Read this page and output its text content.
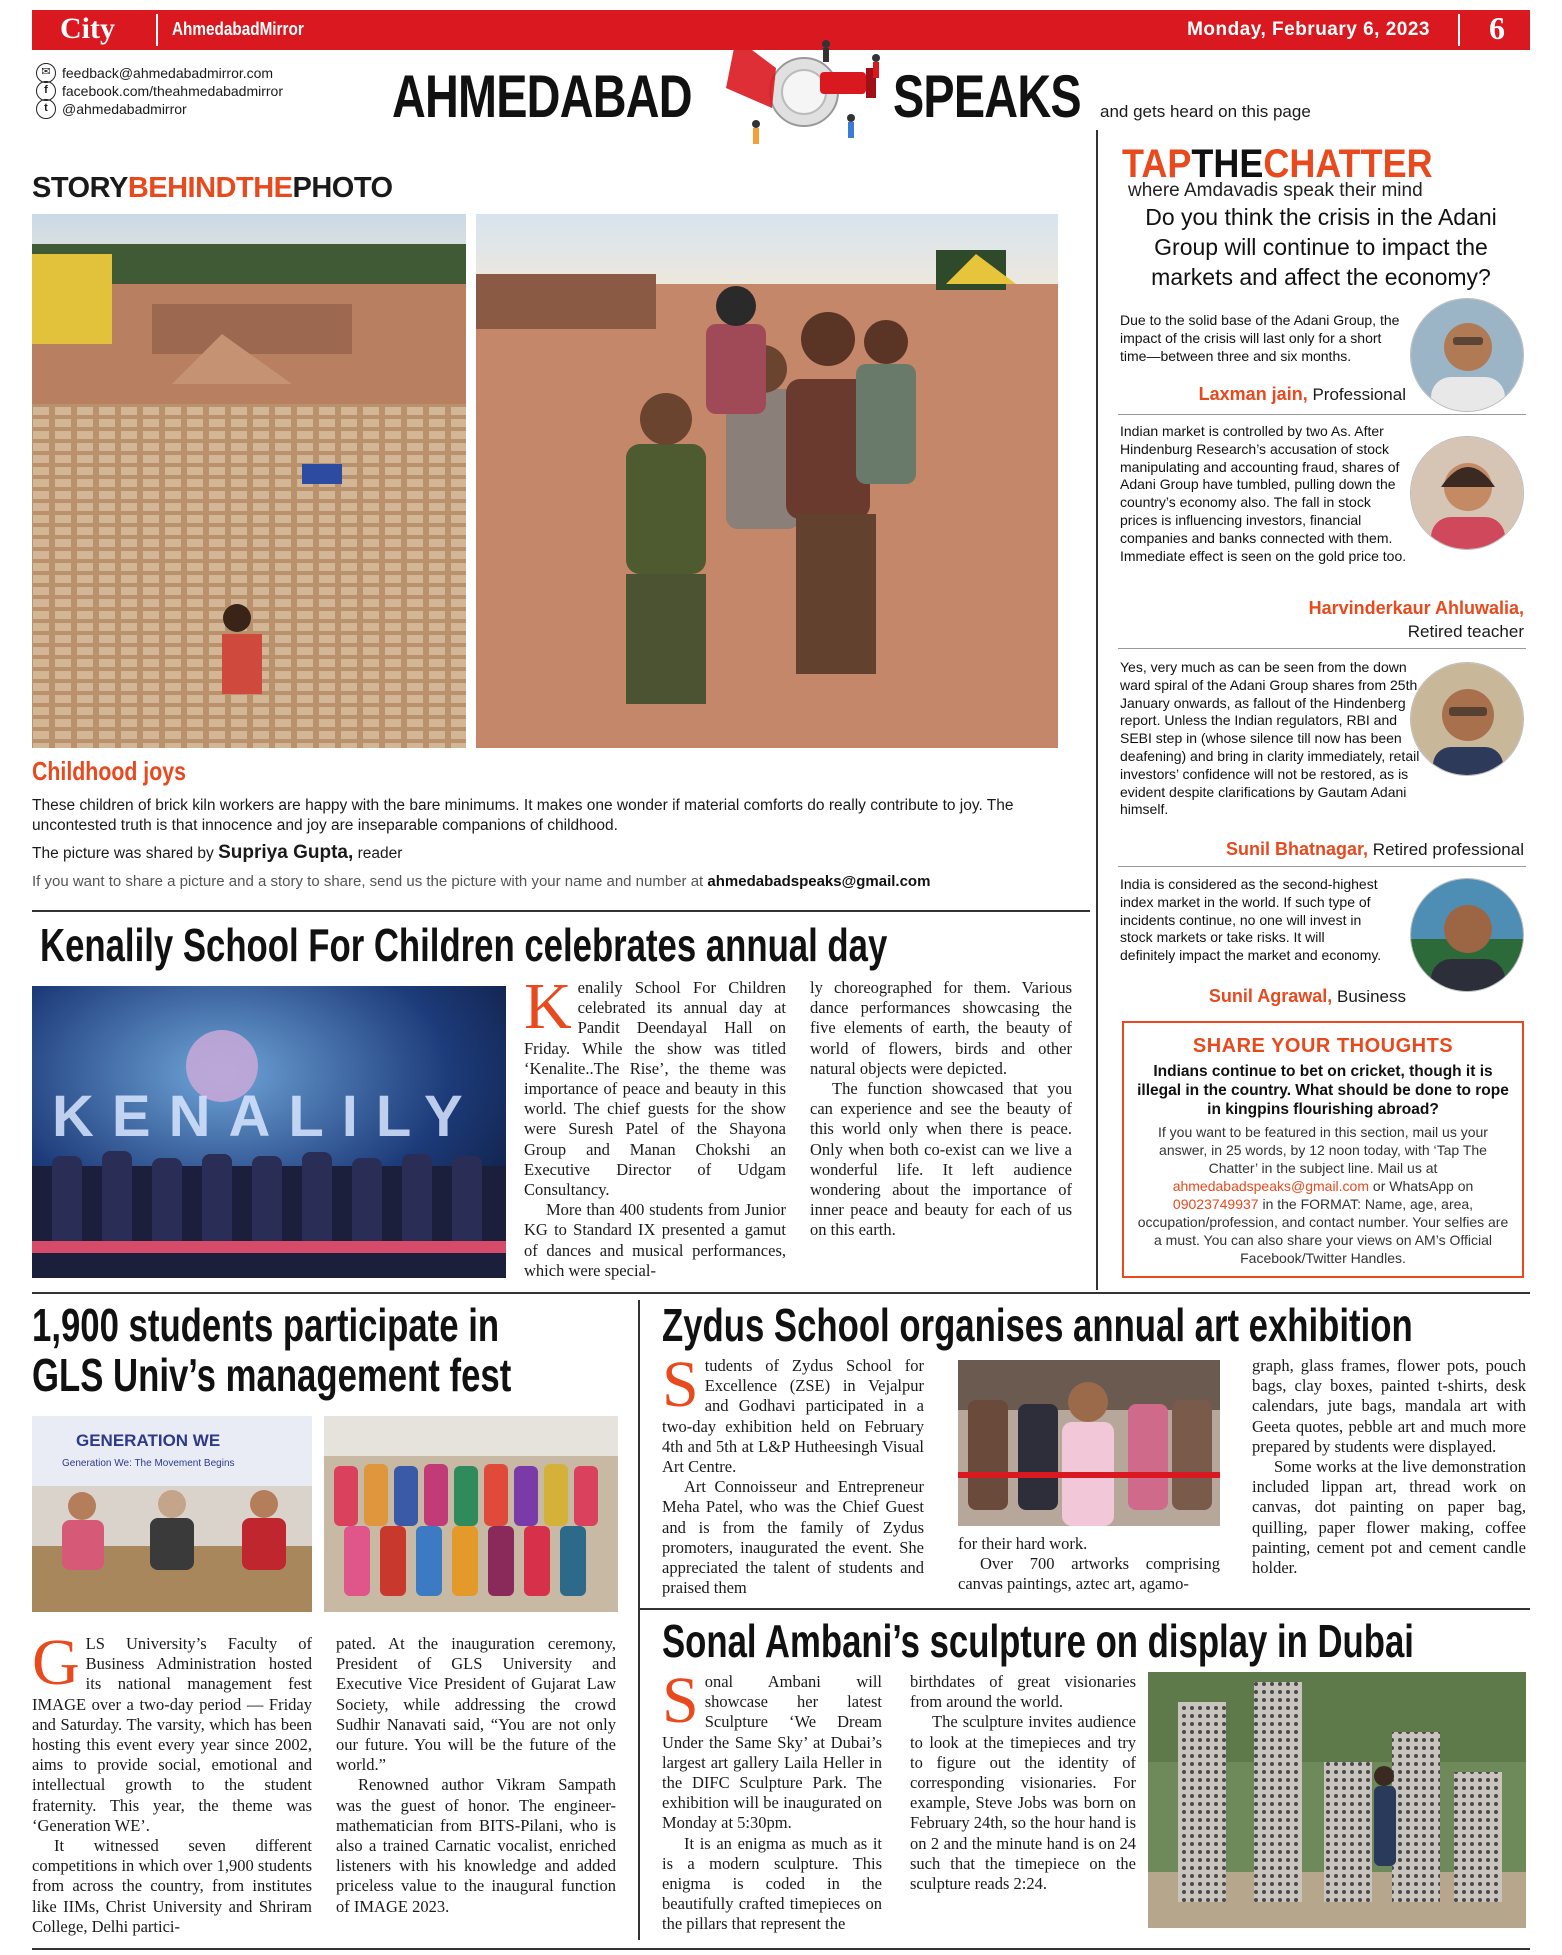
City	AhmedabadMirror	Monday, February 6, 2023	6
✉ feedback@ahmedabadmirror.com
f	facebook.com/theahmedabadmirror
t	@ahmedabadmirror	AHMEDABAD	SPEAKS and gets heard on this page
STORYBEHINDTHEPHOTO
Childhood joys
These children of brick kiln workers are happy with the bare minimums. It makes one wonder if material comforts do really contribute to joy. The uncontested truth is that innocence and joy are inseparable companions of childhood.
The picture was shared by Supriya Gupta, reader
If you want to share a picture and a story to share, send us the picture with your name and number at ahmedabadspeaks@gmail.com
Kenalily School For Children celebrates annual day
KENALILY

Kenalily School For Children celebrated its annual day at Pandit Deendayal Hall on Friday. While the show was titled ‘Kenalite..The Rise’, the theme was importance of peace and beauty in this world. The chief guests for the show were Suresh Patel of the Shayona Group and Manan Chokshi an Executive Director of Udgam Consultancy.

More than 400 students from Junior KG to Standard IX presented a gamut of dances and musical performances, which were special-

ly choreographed for them. Various dance performances showcasing the five elements of earth, the beauty of world of flowers, birds and other natural objects were depicted.

The function showcased that you can experience and see the beauty of this world only when there is peace. Only when both co-exist can we live a wonderful life. It left audience wondering about the importance of inner peace and beauty for each of us on this earth.

TAPTHECHATTER
where Amdavadis speak their mind
Do you think the crisis in the Adani Group will continue to impact the markets and affect the economy?
Due to the solid base of the Adani Group, the impact of the crisis will last only for a short time—between three and six months.
Laxman jain, Professional
Indian market is controlled by two As. After Hindenburg Research’s accusation of stock manipulating and accounting fraud, shares of Adani Group have tumbled, pulling down the country’s economy also. The fall in stock prices is influencing investors, financial companies and banks connected with them. Immediate effect is seen on the gold price too.
Harvinderkaur Ahluwalia,
Retired teacher
Yes, very much as can be seen from the down ward spiral of the Adani Group shares from 25th January onwards, as fallout of the Hindenberg report. Unless the Indian regulators, RBI and SEBI step in (whose silence till now has been deafening) and bring in clarity immediately, retail investors’ confidence will not be restored, as is evident despite clarifications by Gautam Adani himself.
Sunil Bhatnagar, Retired professional
India is considered as the second-highest index market in the world. If such type of incidents continue, no one will invest in stock markets or take risks. It will definitely impact the market and economy.
Sunil Agrawal, Business
SHARE YOUR THOUGHTS
Indians continue to bet on cricket, though it is illegal in the country. What should be done to rope in kingpins flourishing abroad?
If you want to be featured in this section, mail us your answer, in 25 words, by 12 noon today, with ‘Tap The Chatter’ in the subject line. Mail us at ahmedabadspeaks@gmail.com or WhatsApp on 09023749937 in the FORMAT: Name, age, area, occupation/profession, and contact number. Your selfies are a must. You can also share your views on AM’s Official Facebook/Twitter Handles.
1,900 students participate in
GLS Univ’s management fest
GENERATION WE
Generation We: The Movement Begins

GLS University’s Faculty of Business Administration hosted its national management fest IMAGE over a two-day period — Friday and Saturday. The varsity, which has been hosting this event every year since 2002, aims to provide social, emotional and intellectual growth to the student fraternity. This year, the theme was ‘Generation WE’.

It witnessed seven different competitions in which over 1,900 students from across the country, from institutes like IIMs, Christ University and Shriram College, Delhi partici-

pated. At the inauguration ceremony, President of GLS University and Executive Vice President of Gujarat Law Society, while addressing the crowd Sudhir Nanavati said, “You are not only our future. You will be the future of the world.”

Renowned author Vikram Sampath was the guest of honor. The engineer-mathematician from BITS-Pilani, who is also a trained Carnatic vocalist, enriched listeners with his knowledge and added priceless value to the inaugural function of IMAGE 2023.

Zydus School organises annual art exhibition

Students of Zydus School for Excellence (ZSE) in Vejalpur and Godhavi participated in a two-day exhibition held on February 4th and 5th at L&P Hutheesingh Visual Art Centre.

Art Connoisseur and Entrepreneur Meha Patel, who was the Chief Guest and is from the family of Zydus promoters, inaugurated the event. She appreciated the talent of students and praised them

for their hard work.

Over 700 artworks comprising canvas paintings, aztec art, agamo-

graph, glass frames, flower pots, pouch bags, clay boxes, painted t-shirts, desk calendars, jute bags, mandala art with Geeta quotes, pebble art and much more prepared by students were displayed.

Some works at the live demonstration included lippan art, thread work on canvas, dot painting on paper bag, quilling, paper flower making, coffee painting, cement pot and cement candle holder.

Sonal Ambani’s sculpture on display in Dubai

Sonal Ambani will showcase her latest Sculpture ‘We Dream Under the Same Sky’ at Dubai’s largest art gallery Laila Heller in the DIFC Sculpture Park. The exhibition will be inaugurated on Monday at 5:30pm.

It is an enigma as much as it is a modern sculpture. This enigma is coded in the beautifully crafted timepieces on the pillars that represent the

birthdates of great visionaries from around the world.

The sculpture invites audience to look at the timepieces and try to figure out the identity of corresponding visionaries. For example, Steve Jobs was born on February 24th, so the hour hand is on 2 and the minute hand is on 24 such that the timepiece on the sculpture reads 2:24.
